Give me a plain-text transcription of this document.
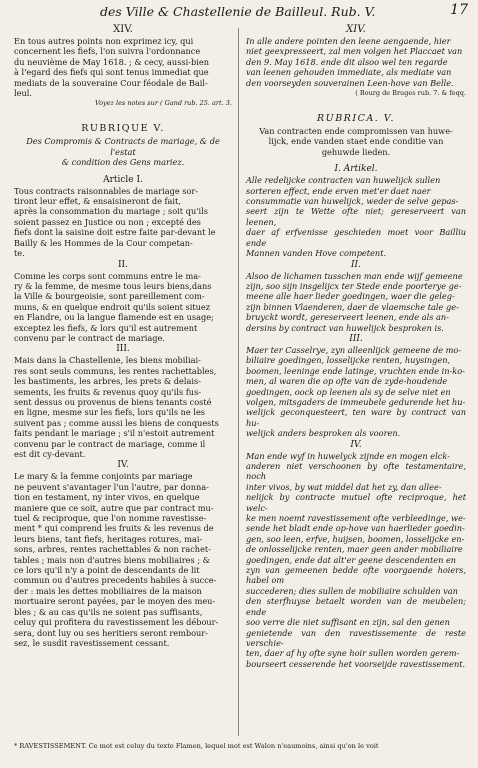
des Ville & Chastellenie de Bailleul. Rub. V.	17
XIV.

En tous autres points non exprimez icy, qui

concernent les fiefs, l'on suivra l'ordonnance

du neuvième de May 1618. ; & cecy, aussi-bien

à l'egard des fiefs qui sont tenus immediat que

mediats de la souveraine Cour féodale de Bail-

leul.

Voyez les notes sur ( Gand rub. 25. art. 3.

RUBRIQUE V.

Des Compromis & Contracts de mariage, & de l'estat
& condition des Gens mariez.

Article I.

Tous contracts raisonnables de mariage sor-

tiront leur effet, & ensaisineront de fait,

après la consommation du mariage ; soit qu'ils

soient passez en Justice ou non ; excepté des

fiefs dont la saisine doit estre faite par-devant le

Bailly & les Hommes de la Cour competan-

te.

II.

Comme les corps sont communs entre le ma-

ry & la femme, de mesme tous leurs biens,dans

la Ville & bourgeoisie, sont pareillement com-

muns, & en quelque endroit qu'ils soient situez

en Flandre, ou la langue flamende est en usage;

exceptez les fiefs, & lors qu'il est autrement

convenu par le contract de mariage.

III.

Mais dans la Chastellenie, les biens mobiliai-

res sont seuls communs, les rentes rachettables,

les bastiments, les arbres, les prets & delais-

sements, les fruits & revenus quoy qu'ils fus-

sent dessus ou provenus de biens tenants costé

en ligne, mesme sur les fiefs, lors qu'ils ne les

suivent pas ; comme aussi les biens de conquests

faits pendant le mariage ; s'il n'estoit autrement

convenu par le contract de mariage, comme il

est dit cy-devant.

IV.

Le mary & la femme conjoints par mariage

ne peuvent s'avantager l'un l'autre, par donna-

tion en testament, ny inter vivos, en quelque

maniere que ce soit, autre que par contract mu-

tuel & reciproque, que l'on nomme ravestisse-

ment * qui comprend les fruits & les revenus de

leurs biens, tant fiefs, heritages rotures, mai-

sons, arbres, rentes rachettables & non rachet-

tables ; mais non d'autres biens mobiliaires ; &

ce lors qu'il n'y a point de descendants de lit

commun ou d'autres precedents habiles à succe-

der : mais les dettes mobiliaires de la maison

mortuaire seront payées, par le moyen des meu-

bles ; & au cas qu'ils ne soient pas suffisants,

celuy qui profitera du ravestissement les débour-

sera, dont luy ou ses heritiers seront rembour-

sez, le susdit ravestissement cessant.

XIV.

In alle andere pointen den leene aengaende, hier

niet geexpresseert, zal men volgen het Placcaet van

den 9. May 1618. ende dit alsoo wel ten regarde

van leenen gehouden immediate, als mediate van

den voorseyden souverainen Leen-hove van Belle.

( Bourg de Bruges rub. 7. & feqq.

RUBRICA. V.

Van contracten ende compromissen van huwe-
lijck, ende vanden staet ende conditie van
gehuwde lieden.

I. Artikel.

Alle redelijcke contracten van huwelijck sullen

sorteren effect, ende erven met'er daet naer

consummatie van huwelijck, weder de selve gepas-

seert zijn te Wette ofte niet; gereserveert van leenen,

daer af erfvenisse geschieden moet voor Bailliu ende

Mannen vanden Hove competent.

II.

Alsoo de lichamen tusschen man ende wijf gemeene

zijn, soo sijn insgelijcx ter Stede ende poorterye ge-

meene alle haer lieder goedingen, waer die geleg-

zijn binnen Vlaenderen, daer de vlaemsche tale ge-

bruyckt wordt, gereserveert leenen, ende als an-

dersins by contract van huwelijck besproken is.

III.

Maer ter Casselrye, zyn alleenlijck gemeene de mo-

biliaire goedingen, losselijcke renten, huysingen,

boomen, leeninge ende latinge, vruchten ende in-ko-

men, al waren die op ofte van de zyde-houdende

goedingen, oock op leenen als sy de selve niet en

volgen, mitsgaders de immeubele gedurende het hu-

welijck geconquesteert, ten ware by contract van hu-

welijck anders besproken als vooren.

IV.

Man ende wyf in huwelyck zijnde en mogen elck-

anderen niet verschoonen by ofte testamentaire, noch

inter vivos, by wat middel dat het zy, dan allee-

nelijck by contracte mutuel ofte reciproque, het welc-

ke men noemt ravestissement ofte verbleedinge, we-

sende het bladt ende op-hove van haerlieder goedin-

gen, soo leen, erfve, huijsen, boomen, losselijcke en-

de onlosselijcke renten, maer geen ander mobiliaire

goedingen, ende dat alt'er geene descendenten en

zyn van gemeenen bedde ofte voorgaende hoiers, habel om

succederen; dies sullen de mobiliaire schulden van

den sterfhuyse betaelt worden van de meubelen; ende

soo verre die niet suffisant en zijn, sal den genen

genietende van den ravestissemente de reste verschie-

ten, daer af hy ofte syne hoir sullen worden gerem-

bourseert cesserende het voorseijde ravestissement.

* RAVESTISSEMENT. Ce mot est celuy du texte Flamen, lequel mot est Walon n'eaumoins, ainsi qu'on le voit
